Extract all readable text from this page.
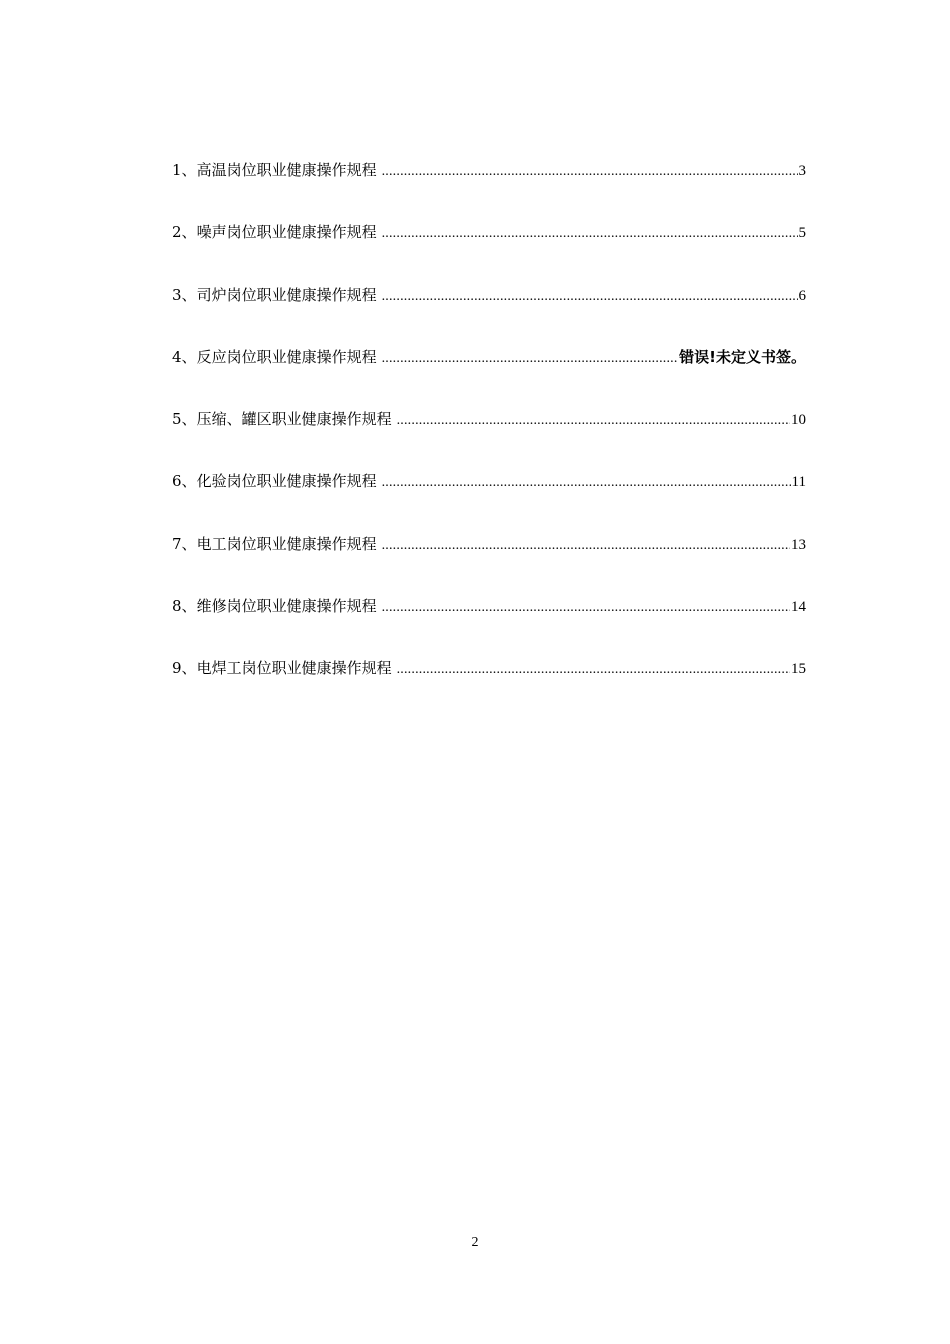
1 、 高温岗位职业健康操作规程 .....	3
2 、 噪声岗位职业健康操作规程 .....	5
3 、 司炉岗位职业健康操作规程 .....	6
4 、 反应岗位职业健康操作规程 .....	错误!未定义书签。
5 、 压缩、罐区职业健康操作规程 .....	10
6 、 化验岗位职业健康操作规程 .....	11
7 、 电工岗位职业健康操作规程 .....	13
8 、 维修岗位职业健康操作规程 .....	14
9 、 电焊工岗位职业健康操作规程 .....	15
2
